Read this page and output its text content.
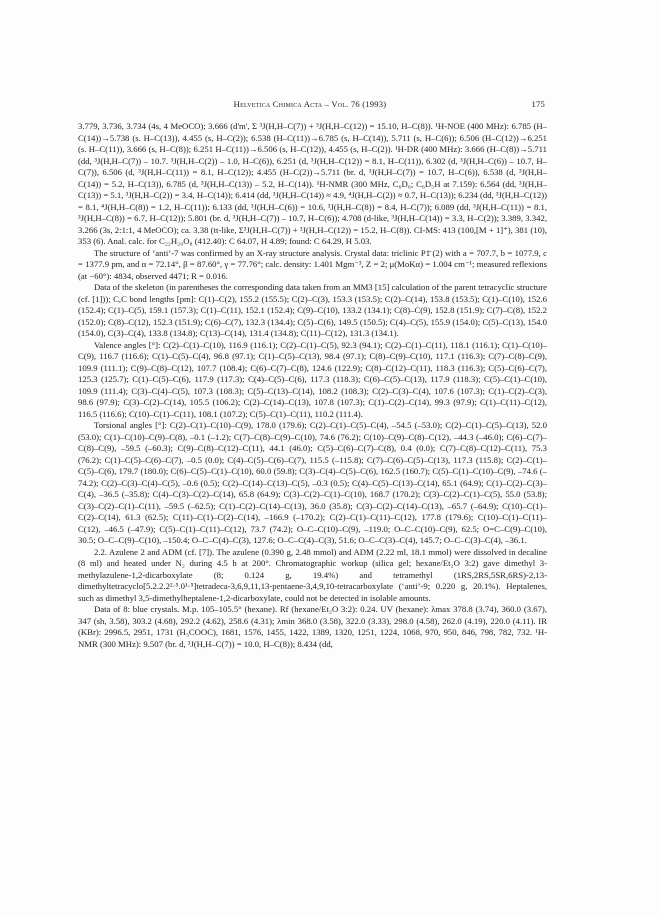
Helvetica Chimica Acta – Vol. 76 (1993)	175

3.779, 3.736, 3.734 (4s, 4 MeOCO); 3.666 (d'm', Σ ³J(H,H–C(7)) + ³J(H,H–C(12)) = 15.10, H–C(8)). ¹H-NOE (400 MHz): 6.785 (H–C(14))→5.738 (s. H–C(13)), 4.455 (s, H–C(2)); 6.538 (H–C(11))→6.785 (s, H–C(14)), 5.711 (s, H–C(6)); 6.506 (H–C(12))→6.251 (s. H–C(11)), 3.666 (s, H–C(8)); 6.251 H–C(11))→6.506 (s, H–C(12)), 4.455 (s, H–C(2)). ¹H-DR (400 MHz): 3.666 (H–C(8))→5.711 (dd, ³J(H,H–C(7)) – 10.7. ³J(H,H–C(2)) – 1.0, H–C(6)), 6.251 (d, ³J(H,H–C(12)) = 8.1, H–C(11)), 6.302 (d, ³J(H,H–C(6)) – 10.7, H–C(7)), 6.506 (d, ³J(H,H–C(11)) = 8.1, H–C(12)); 4.455 (H–C(2))→5.711 (br. d, ³J(H,H–C(7)) = 10.7, H–C(6)), 6.538 (d, ³J(H,H–C(14)) = 5.2, H–C(13)), 6.785 (d, ³J(H,H–C(13)) – 5.2, H–C(14)). ¹H-NMR (300 MHz, C₆D₆; C₆D₅H at 7.159): 6.564 (dd, ³J(H,H–C(13)) = 5.1, ³J(H,H–C(2)) = 3.4, H–C(14)); 6.414 (dd, ³J(H,H–C(14)) ≈ 4.9, ⁴J(H,H–C(2)) ≈ 0.7, H–C(13)); 6.234 (dd, ³J(H,H–C(12)) = 8.1, ⁴J(H,H–C(8)) = 1.2, H–C(11)); 6.133 (dd, ³J(H,H–C(6)) = 10.6, ³J(H,H–C(8)) = 8.4, H–C(7)); 6.089 (dd, ³J(H,H–C(11)) = 8.1, ³J(H,H–C(8)) = 6.7, H–C(12)); 5.801 (br. d, ³J(H,H–C(7)) – 10.7, H–C(6)); 4.708 (d-like, ³J(H,H–C(14)) = 3.3, H–C(2)); 3.389, 3.342, 3.266 (3s, 2:1:1, 4 MeOCO); ca. 3.38 (tt-like, Σ³J(H,H–C(7)) + ³J(H,H–C(12)) = 15.2, H–C(8)). CI-MS: 413 (100,[M + 1]⁺), 381 (10), 353 (6). Anal. calc. for C₂₂H₂₀O₈ (412.40): C 64.07, H 4.89; found: C 64.29, H 5.03.

The structure of ‘anti’-7 was confirmed by an X-ray structure analysis. Crystal data: triclinic P1̄ (2) with a = 707.7, b = 1077.9, c = 1377.9 pm, and α = 72.14°, β = 87.60°, γ = 77.76°; calc. density: 1.401 Mgm⁻³, Z = 2; μ(MoKα) = 1.004 cm⁻¹; measured reflexions (at −60°): 4834, observed 4471; R = 0.016.

Data of the skeleton (in parentheses the corresponding data taken from an MM3 [15] calculation of the parent tetracyclic structure (cf. [1])); C,C bond lengths [pm]: C(1)–C(2), 155.2 (155.5); C(2)–C(3), 153.3 (153.5); C(2)–C(14), 153.8 (153.5); C(1)–C(10), 152.6 (152.4); C(1)–C(5), 159.1 (157.3); C(1)–C(11), 152.1 (152.4); C(9)–C(10), 133.2 (134.1); C(8)–C(9), 152.8 (151.9); C(7)–C(8), 152.2 (152.0); C(8)–C(12), 152.3 (151.9); C(6)–C(7), 132.3 (134.4); C(5)–C(6), 149.5 (150.5); C(4)–C(5), 155.9 (154.0); C(5)–C(13), 154.0 (154.0), C(3)–C(4), 133.8 (134.8); C(13)–C(14), 131.4 (134.8); C(11)–C(12), 131.3 (134.1).

Valence angles [°]: C(2)–C(1)–C(10), 116.9 (116.1); C(2)–C(1)–C(5), 92.3 (94.1); C(2)–C(1)–C(11), 118.1 (116.1); C(1)–C(10)–C(9), 116.7 (116.6); C(1)–C(5)–C(4), 96.8 (97.1); C(1)–C(5)–C(13), 98.4 (97.1); C(8)–C(9)–C(10), 117.1 (116.3); C(7)–C(8)–C(9), 109.9 (111.1); C(9)–C(8)–C(12), 107.7 (108.4); C(6)–C(7)–C(8), 124.6 (122.9); C(8)–C(12)–C(11), 118.3 (116.3); C(5)–C(6)–C(7), 125.3 (125.7); C(1)–C(5)–C(6), 117.9 (117.3); C(4)–C(5)–C(6), 117.3 (118.3); C(6)–C(5)–C(13), 117.9 (118.3); C(5)–C(1)–C(10), 109.9 (111.4); C(3)–C(4)–C(5), 107.3 (108.3); C(5)–C(13)–C(14), 108.2 (108.3); C(2)–C(3)–C(4), 107.6 (107.3); C(1)–C(2)–C(3), 98.6 (97.9); C(3)–C(2)–C(14), 105.5 (106.2); C(2)–C(14)–C(13), 107.8 (107.3); C(1)–C(2)–C(14), 99.3 (97.9); C(1)–C(11)–C(12), 116.5 (116.6); C(10)–C(1)–C(11), 108.1 (107.2); C(5)–C(1)–C(11), 110.2 (111.4).

Torsional angles [°]: C(2)–C(1)–C(10)–C(9), 178.0 (179.6); C(2)–C(1)–C(5)–C(4), –54.5 (–53.0); C(2)–C(1)–C(5)–C(13), 52.0 (53.0); C(1)–C(10)–C(9)–C(8), –0.1 (–1.2); C(7)–C(8)–C(9)–C(10), 74.6 (76.2); C(10)–C(9)–C(8)–C(12), –44.3 (–46.0); C(6)–C(7)–C(8)–C(9), –59.5 (–60.3); C(9)–C(8)–C(12)–C(11), 44.1 (46.0); C(5)–C(6)–C(7)–C(8), 0.4 (0.0); C(7)–C(8)–C(12)–C(11), 75.3 (76.2); C(1)–C(5)–C(6)–C(7), –0.5 (0.0); C(4)–C(5)–C(6)–C(7), 115.5 (–115.8); C(7)–C(6)–C(5)–C(13), 117.3 (115.8); C(2)–C(1)–C(5)–C(6), 179.7 (180.0); C(6)–C(5)–C(1)–C(10), 60.0 (59.8); C(3)–C(4)–C(5)–C(6), 162.5 (160.7); C(5)–C(1)–C(10)–C(9), –74.6 (–74.2); C(2)–C(3)–C(4)–C(5), –0.6 (0.5); C(2)–C(14)–C(13)–C(5), –0.3 (0.5); C(4)–C(5)–C(13)–C(14), 65.1 (64.9); C(1)–C(2)–C(3)–C(4), –36.5 (–35.8); C(4)–C(3)–C(2)–C(14), 65.8 (64.9); C(3)–C(2)–C(1)–C(10), 168.7 (170.2); C(3)–C(2)–C(1)–C(5), 55.0 (53.8); C(3)–C(2)–C(1)–C(11), –59.5 (–62.5); C(1)–C(2)–C(14)–C(13), 36.0 (35.8); C(3)–C(2)–C(14)–C(13), –65.7 (–64.9); C(10)–C(1)–C(2)–C(14), 61.3 (62.5); C(11)–C(1)–C(2)–C(14), –166.9 (–170.2); C(2)–C(1)–C(11)–C(12), 177.8 (179.6); C(10)–C(1)–C(11)–C(12), –46.5 (–47.9); C(5)–C(1)–C(11)–C(12), 73.7 (74.2); O–C–C(10)–C(9), –119.0; O–C–C(10)–C(9), 62.5; O=C–C(9)–C(10), 30.5; O–C–C(9)–C(10), –150.4; O–C–C(4)–C(3), 127.6; O–C–C(4)–C(3), 51.6; O–C–C(3)–C(4), 145.7; O–C–C(3)–C(4), –36.1.

2.2. Azulene 2 and ADM (cf. [7]). The azulene (0.390 g, 2.48 mmol) and ADM (2.22 ml, 18.1 mmol) were dissolved in decaline (8 ml) and heated under N₂ during 4.5 h at 200°. Chromatographic workup (silica gel; hexane/Et₂O 3:2) gave dimethyl 3-methylazulene-1,2-dicarboxylate (8; 0.124 g, 19.4%) and tetramethyl (1RS,2RS,5SR,6RS)-2,13-dimethyltetracyclo[5.2.2.2²·⁵.0¹·⁵]tetradeca-3,6,9,11,13-pentaene-3,4,9,10-tetracarboxylate (‘anti’-9; 0.220 g, 20.1%). Heptalenes, such as dimethyl 3,5-dimethylheptalene-1,2-dicarboxylate, could not be detected in isolable amounts.

Data of 8: blue crystals. M.p. 105–105.5° (hexane). Rf (hexane/Et₂O 3:2): 0.24. UV (hexane): λmax 378.8 (3.74), 360.0 (3.67), 347 (sh, 3.58), 303.2 (4.68), 292.2 (4.62), 258.6 (4.31); λmin 368.0 (3.58), 322.0 (3.33), 298.0 (4.58), 262.0 (4.19), 220.0 (4.11). IR (KBr): 2996.5, 2951, 1731 (H₃COOC), 1681, 1576, 1455, 1422, 1389, 1320, 1251, 1224, 1068, 970, 950, 846, 798, 782, 732. ¹H-NMR (300 MHz): 9.507 (br. d, ³J(H,H–C(7)) = 10.0, H–C(8)); 8.434 (dd,
